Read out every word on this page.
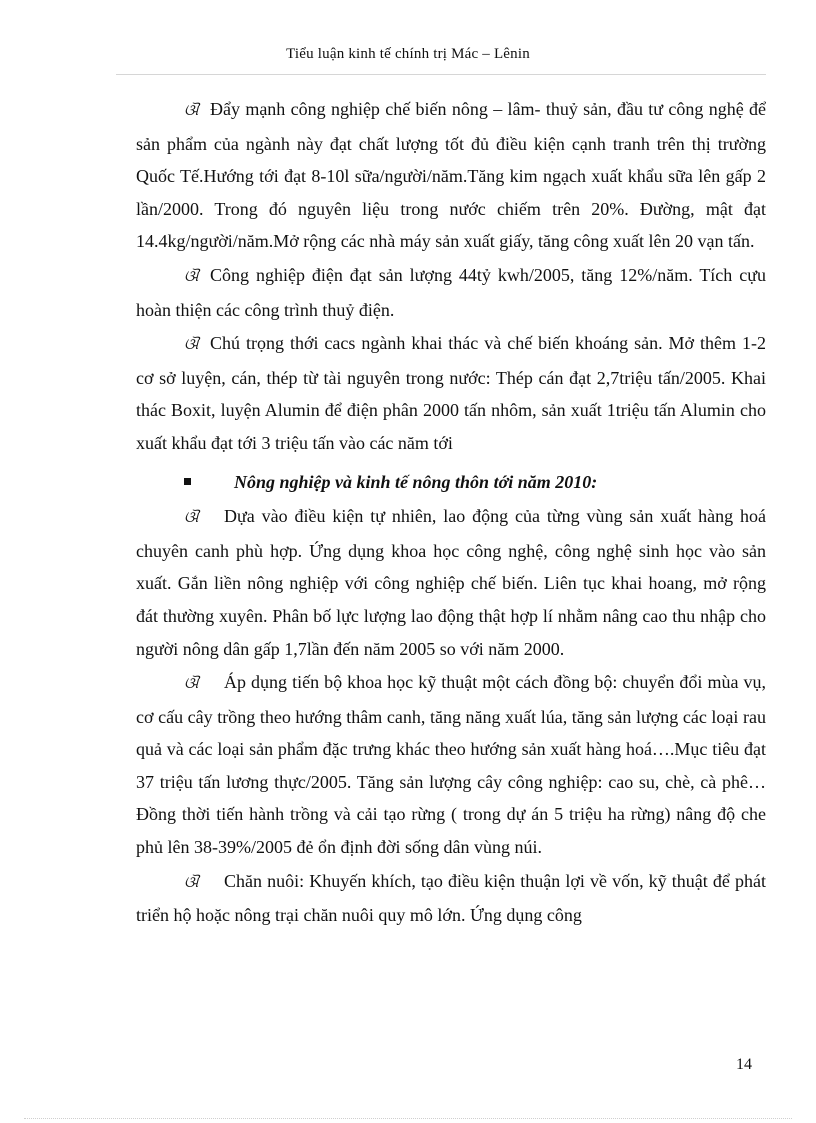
Tiểu luận kinh tế chính trị Mác – Lênin

ଔ Đẩy mạnh công nghiệp chế biến nông – lâm- thuỷ sản, đầu tư công nghệ để sản phẩm của ngành này đạt chất lượng tốt đủ điều kiện cạnh tranh trên thị trường Quốc Tế.Hướng tới đạt 8-10l sữa/người/năm.Tăng kim ngạch xuất khẩu sữa lên gấp 2 lần/2000. Trong đó nguyên liệu trong nước chiếm trên 20%. Đường, mật đạt 14.4kg/người/năm.Mở rộng các nhà máy sản xuất giấy, tăng công xuất lên 20 vạn tấn.

ଔ Công nghiệp điện đạt sản lượng 44tỷ kwh/2005, tăng 12%/năm. Tích cựu hoàn thiện các công trình thuỷ điện.

ଔ Chú trọng thới cacs ngành khai thác và chế biến khoáng sản. Mở thêm 1-2 cơ sở luyện, cán, thép từ tài nguyên trong nước: Thép cán đạt 2,7triệu tấn/2005. Khai thác Boxit, luyện Alumin để điện phân 2000 tấn nhôm, sản xuất 1triệu tấn Alumin cho xuất khẩu đạt tới 3 triệu tấn vào các năm tới

Nông nghiệp và kinh tế nông thôn tới năm 2010:

ଔ Dựa vào điều kiện tự nhiên, lao động của từng vùng sản xuất hàng hoá chuyên canh phù hợp. Ứng dụng khoa học công nghệ, công nghệ sinh học vào sản xuất. Gắn liền nông nghiệp với công nghiệp chế biến. Liên tục khai hoang, mở rộng đát thường xuyên. Phân bố lực lượng lao động thật hợp lí nhằm nâng cao thu nhập cho người nông dân gấp 1,7lần đến năm 2005 so với năm 2000.

ଔ Áp dụng tiến bộ khoa học kỹ thuật một cách đồng bộ: chuyển đổi mùa vụ, cơ cấu cây trồng theo hướng thâm canh, tăng năng xuất lúa, tăng sản lượng các loại rau quả và các loại sản phẩm đặc trưng khác theo hướng sản xuất hàng hoá….Mục tiêu đạt 37 triệu tấn lương thực/2005. Tăng sản lượng cây công nghiệp: cao su, chè, cà phê…Đồng thời tiến hành trồng và cải tạo rừng ( trong dự án 5 triệu ha rừng) nâng độ che phủ lên 38-39%/2005 đẻ ổn định đời sống dân vùng núi.

ଔ Chăn nuôi: Khuyến khích, tạo điều kiện thuận lợi về vốn, kỹ thuật để phát triển hộ hoặc nông trại chăn nuôi quy mô lớn. Ứng dụng công

14
